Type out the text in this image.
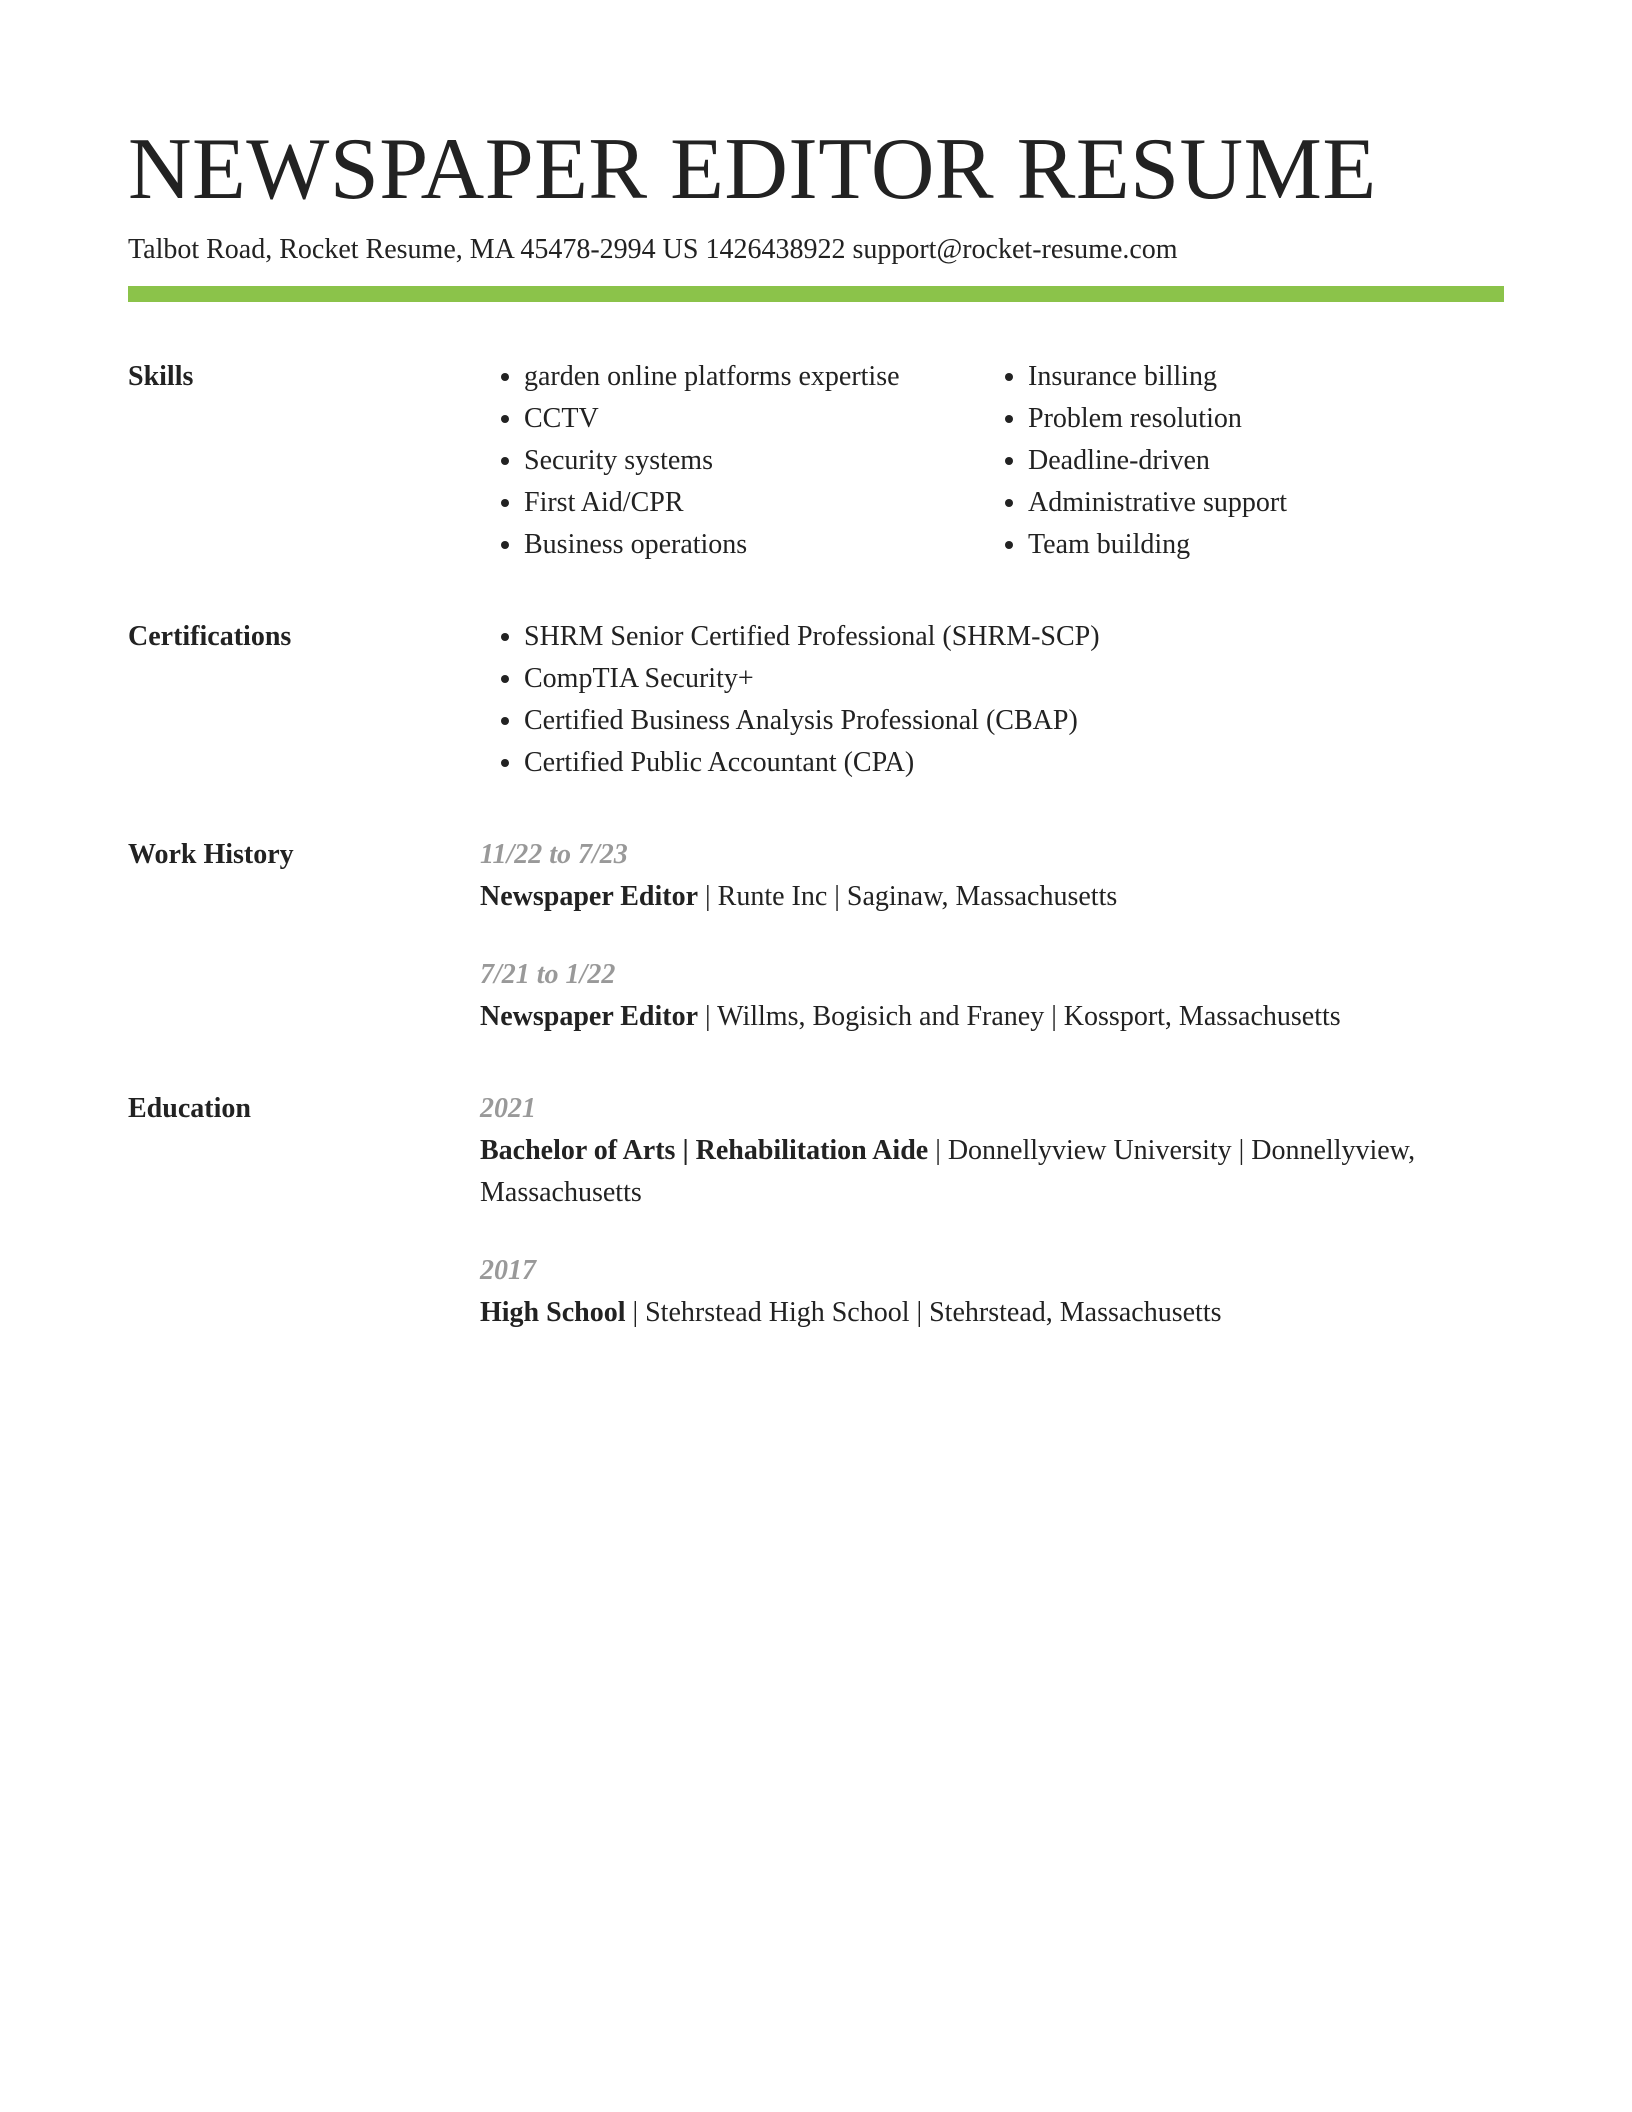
NEWSPAPER EDITOR RESUME
Talbot Road, Rocket Resume, MA 45478-2994 US 1426438922 support@rocket-resume.com
Skills	• garden online platforms expertise
• CCTV
• Security systems
• First Aid/CPR
• Business operations
• Insurance billing
• Problem resolution
• Deadline-driven
• Administrative support
• Team building
Certifications	• SHRM Senior Certified Professional (SHRM-SCP)
• CompTIA Security+
• Certified Business Analysis Professional (CBAP)
• Certified Public Accountant (CPA)
Work History	11/22 to 7/23
Newspaper Editor | Runte Inc | Saginaw, Massachusetts
7/21 to 1/22
Newspaper Editor | Willms, Bogisich and Franey | Kossport, Massachusetts
Education	2021
Bachelor of Arts | Rehabilitation Aide | Donnellyview University | Donnellyview, Massachusetts
2017
High School | Stehrstead High School | Stehrstead, Massachusetts
